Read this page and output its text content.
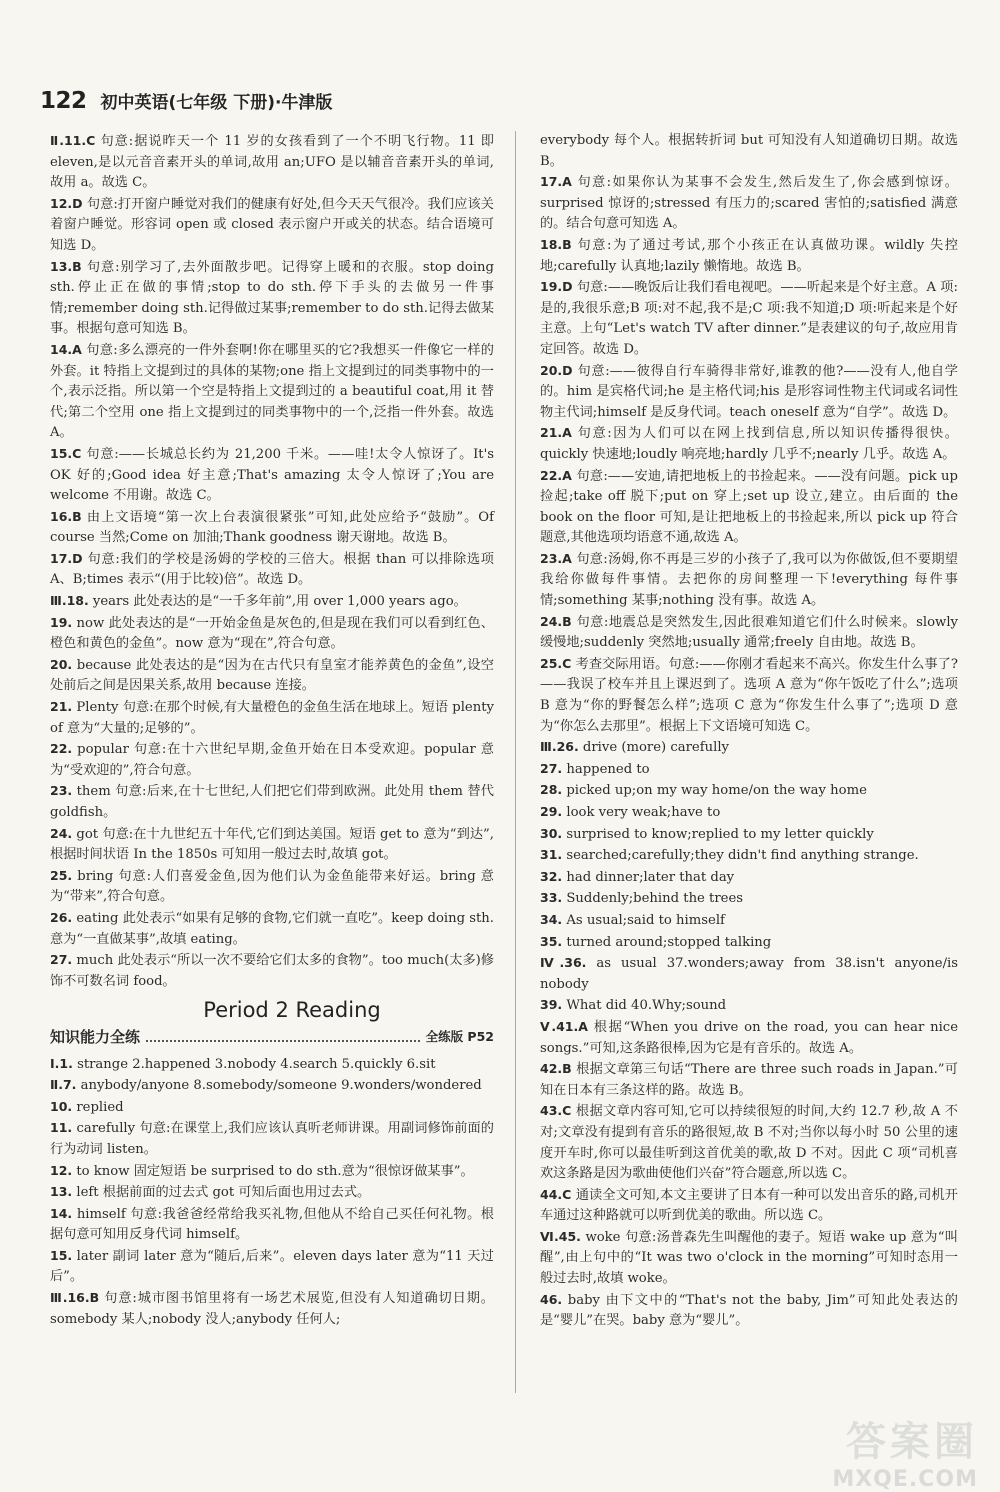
122 初中英语(七年级 下册)·牛津版
Ⅱ.11.C 句意:据说昨天一个 11 岁的女孩看到了一个不明飞行物。11 即 eleven,是以元音音素开头的单词,故用 an;UFO 是以辅音音素开头的单词,故用 a。故选 C。
12.D 句意:打开窗户睡觉对我们的健康有好处,但今天天气很冷。我们应该关着窗户睡觉。形容词 open 或 closed 表示窗户开或关的状态。结合语境可知选 D。
13.B 句意:别学习了,去外面散步吧。记得穿上暖和的衣服。stop doing sth.停止正在做的事情;stop to do sth.停下手头的去做另一件事情;remember doing sth.记得做过某事;remember to do sth.记得去做某事。根据句意可知选 B。
14.A 句意:多么漂亮的一件外套啊!你在哪里买的它?我想买一件像它一样的外套。it 特指上文提到过的具体的某物;one 指上文提到过的同类事物中的一个,表示泛指。所以第一个空是特指上文提到过的 a beautiful coat,用 it 替代;第二个空用 one 指上文提到过的同类事物中的一个,泛指一件外套。故选 A。
15.C 句意:——长城总长约为 21,200 千米。——哇!太令人惊讶了。It's OK 好的;Good idea 好主意;That's amazing 太令人惊讶了;You are welcome 不用谢。故选 C。
16.B 由上文语境“第一次上台表演很紧张”可知,此处应给予“鼓励”。Of course 当然;Come on 加油;Thank goodness 谢天谢地。故选 B。
17.D 句意:我们的学校是汤姆的学校的三倍大。根据 than 可以排除选项 A、B;times 表示“(用于比较)倍”。故选 D。
Ⅲ.18. years 此处表达的是“一千多年前”,用 over 1,000 years ago。
19. now 此处表达的是“一开始金鱼是灰色的,但是现在我们可以看到红色、橙色和黄色的金鱼”。now 意为“现在”,符合句意。
20. because 此处表达的是“因为在古代只有皇室才能养黄色的金鱼”,设空处前后之间是因果关系,故用 because 连接。
21. Plenty 句意:在那个时候,有大量橙色的金鱼生活在地球上。短语 plenty of 意为“大量的;足够的”。
22. popular 句意:在十六世纪早期,金鱼开始在日本受欢迎。popular 意为“受欢迎的”,符合句意。
23. them 句意:后来,在十七世纪,人们把它们带到欧洲。此处用 them 替代 goldfish。
24. got 句意:在十九世纪五十年代,它们到达美国。短语 get to 意为“到达”,根据时间状语 In the 1850s 可知用一般过去时,故填 got。
25. bring 句意:人们喜爱金鱼,因为他们认为金鱼能带来好运。bring 意为“带来”,符合句意。
26. eating 此处表示“如果有足够的食物,它们就一直吃”。keep doing sth.意为“一直做某事”,故填 eating。
27. much 此处表示“所以一次不要给它们太多的食物”。too much(太多)修饰不可数名词 food。
Period 2 Reading
知识能力全练	全练版 P52
Ⅰ.1. strange 2.happened 3.nobody 4.search 5.quickly 6.sit
Ⅱ.7. anybody/anyone 8.somebody/someone 9.wonders/wondered
10. replied
11. carefully 句意:在课堂上,我们应该认真听老师讲课。用副词修饰前面的行为动词 listen。
12. to know 固定短语 be surprised to do sth.意为“很惊讶做某事”。
13. left 根据前面的过去式 got 可知后面也用过去式。
14. himself 句意:我爸爸经常给我买礼物,但他从不给自己买任何礼物。根据句意可知用反身代词 himself。
15. later 副词 later 意为“随后,后来”。eleven days later 意为“11 天过后”。
Ⅲ.16.B 句意:城市图书馆里将有一场艺术展览,但没有人知道确切日期。somebody 某人;nobody 没人;anybody 任何人;
everybody 每个人。根据转折词 but 可知没有人知道确切日期。故选 B。
17.A 句意:如果你认为某事不会发生,然后发生了,你会感到惊讶。surprised 惊讶的;stressed 有压力的;scared 害怕的;satisfied 满意的。结合句意可知选 A。
18.B 句意:为了通过考试,那个小孩正在认真做功课。wildly 失控地;carefully 认真地;lazily 懒惰地。故选 B。
19.D 句意:——晚饭后让我们看电视吧。——听起来是个好主意。A 项:是的,我很乐意;B 项:对不起,我不是;C 项:我不知道;D 项:听起来是个好主意。上句“Let's watch TV after dinner.”是表建议的句子,故应用肯定回答。故选 D。
20.D 句意:——彼得自行车骑得非常好,谁教的他?——没有人,他自学的。him 是宾格代词;he 是主格代词;his 是形容词性物主代词或名词性物主代词;himself 是反身代词。teach oneself 意为“自学”。故选 D。
21.A 句意:因为人们可以在网上找到信息,所以知识传播得很快。quickly 快速地;loudly 响亮地;hardly 几乎不;nearly 几乎。故选 A。
22.A 句意:——安迪,请把地板上的书捡起来。——没有问题。pick up 捡起;take off 脱下;put on 穿上;set up 设立,建立。由后面的 the book on the floor 可知,是让把地板上的书捡起来,所以 pick up 符合题意,其他选项均语意不通,故选 A。
23.A 句意:汤姆,你不再是三岁的小孩子了,我可以为你做饭,但不要期望我给你做每件事情。去把你的房间整理一下!everything 每件事情;something 某事;nothing 没有事。故选 A。
24.B 句意:地震总是突然发生,因此很难知道它们什么时候来。slowly 缓慢地;suddenly 突然地;usually 通常;freely 自由地。故选 B。
25.C 考查交际用语。句意:——你刚才看起来不高兴。你发生什么事了?——我误了校车并且上课迟到了。选项 A 意为“你午饭吃了什么”;选项 B 意为“你的野餐怎么样”;选项 C 意为“你发生什么事了”;选项 D 意为“你怎么去那里”。根据上下文语境可知选 C。
Ⅲ.26. drive (more) carefully
27. happened to
28. picked up;on my way home/on the way home
29. look very weak;have to
30. surprised to know;replied to my letter quickly
31. searched;carefully;they didn't find anything strange.
32. had dinner;later that day
33. Suddenly;behind the trees
34. As usual;said to himself
35. turned around;stopped talking
Ⅳ.36. as usual 37.wonders;away from 38.isn't anyone/is nobody
39. What did 40.Why;sound
Ⅴ.41.A 根据“When you drive on the road, you can hear nice songs.”可知,这条路很棒,因为它是有音乐的。故选 A。
42.B 根据文章第三句话“There are three such roads in Japan.”可知在日本有三条这样的路。故选 B。
43.C 根据文章内容可知,它可以持续很短的时间,大约 12.7 秒,故 A 不对;文章没有提到有音乐的路很短,故 B 不对;当你以每小时 50 公里的速度开车时,你可以最佳听到这首优美的歌,故 D 不对。因此 C 项“司机喜欢这条路是因为歌曲使他们兴奋”符合题意,所以选 C。
44.C 通读全文可知,本文主要讲了日本有一种可以发出音乐的路,司机开车通过这种路就可以听到优美的歌曲。所以选 C。
Ⅵ.45. woke 句意:汤普森先生叫醒他的妻子。短语 wake up 意为“叫醒”,由上句中的“It was two o'clock in the morning”可知时态用一般过去时,故填 woke。
46. baby 由下文中的“That's not the baby, Jim”可知此处表达的是“婴儿”在哭。baby 意为“婴儿”。
答案圈
MXQE.COM
